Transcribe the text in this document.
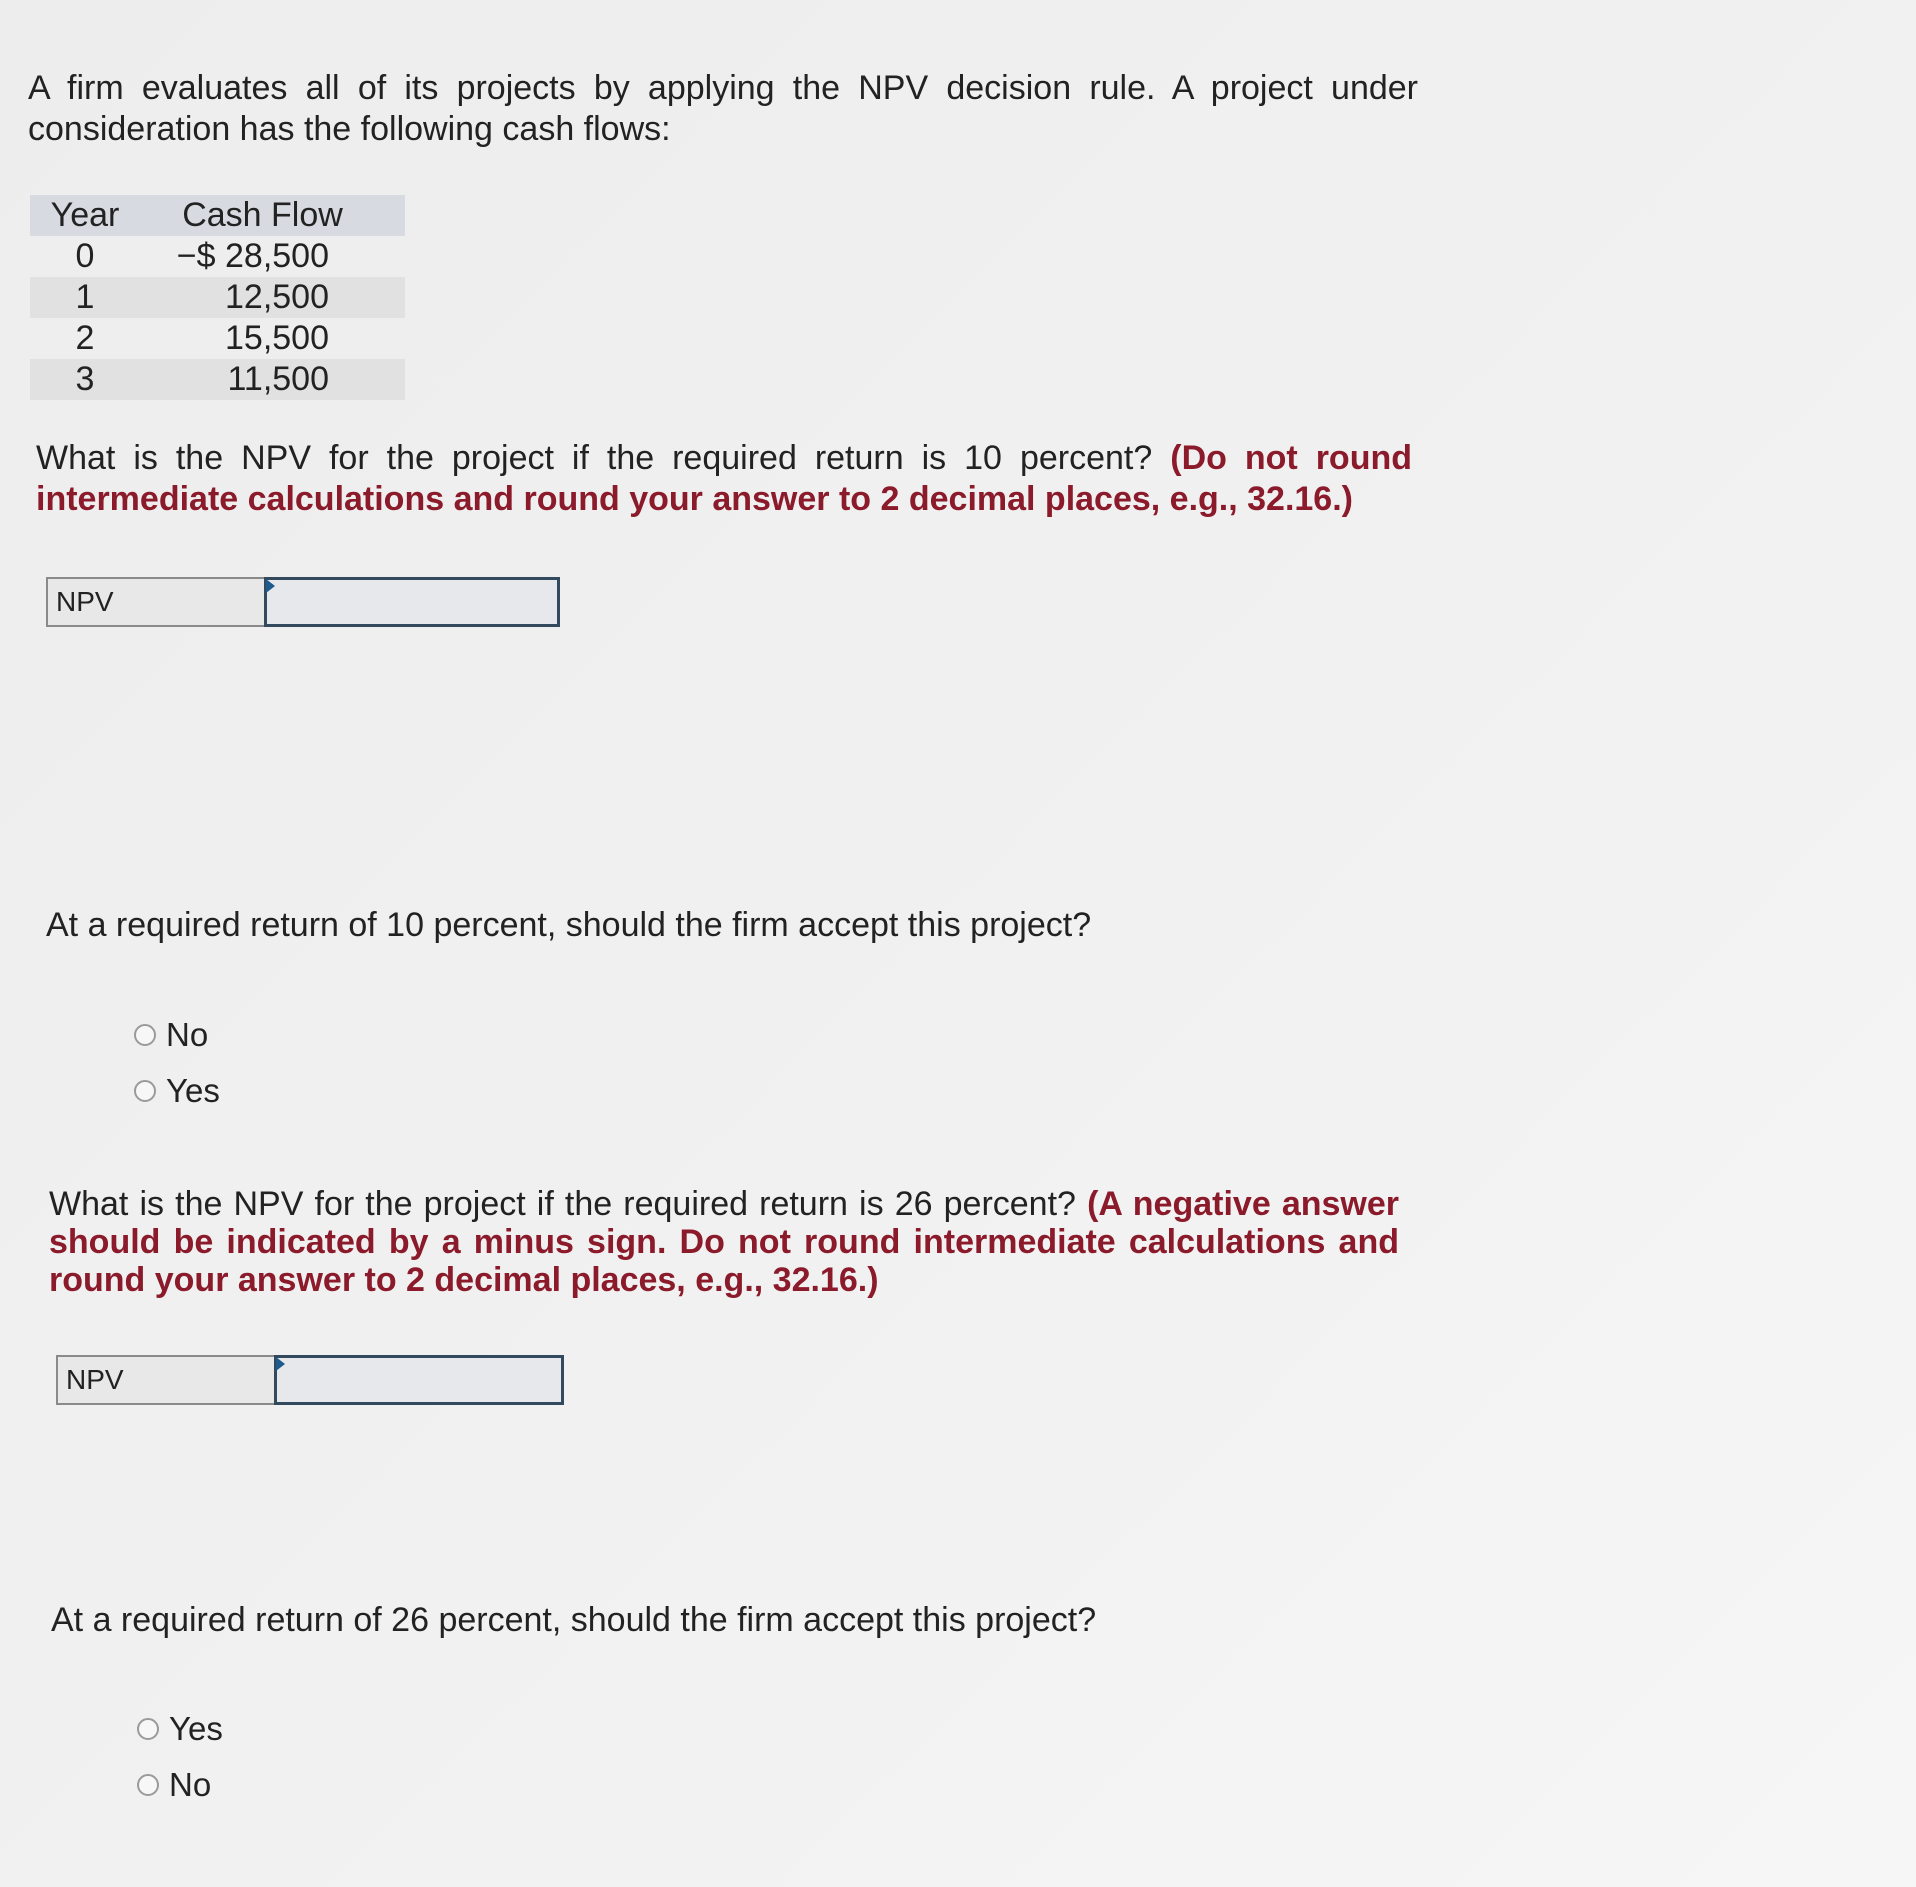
A firm evaluates all of its projects by applying the NPV decision rule. A project under consideration has the following cash flows:
Year	Cash Flow
0	−$ 28,500
1	12,500
2	15,500
3	11,500
What is the NPV for the project if the required return is 10 percent? (Do not round intermediate calculations and round your answer to 2 decimal places, e.g., 32.16.)
NPV
At a required return of 10 percent, should the firm accept this project?
No
Yes
What is the NPV for the project if the required return is 26 percent? (A negative answer should be indicated by a minus sign. Do not round intermediate calculations and round your answer to 2 decimal places, e.g., 32.16.)
NPV
At a required return of 26 percent, should the firm accept this project?
Yes
No
